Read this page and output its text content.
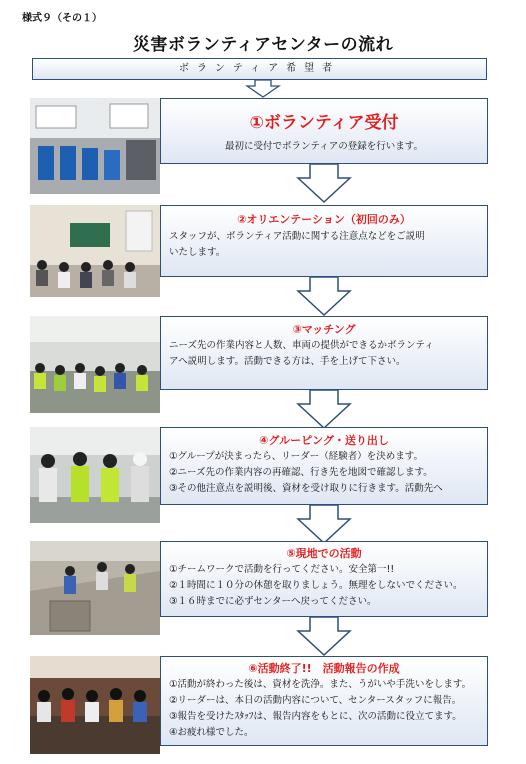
様式９（その１）
災害ボランティアセンターの流れ
ボランティア希望者
①ボランティア受付
最初に受付でボランティアの登録を行います。
②オリエンテーション（初回のみ）
スタッフが、ボランティア活動に関する注意点などをご説明
いたします。
③マッチング
ニーズ先の作業内容と人数、車両の提供ができるかボランティ
アへ説明します。活動できる方は、手を上げて下さい。
④グルーピング・送り出し
①グループが決まったら、リーダー（経験者）を決めます。
②ニーズ先の作業内容の再確認、行き先を地図で確認します。
③その他注意点を説明後、資材を受け取りに行きます。活動先へ
⑤現地での活動
①チームワークで活動を行ってください。安全第一!!
②１時間に１０分の休憩を取りましょう。無理をしないでください。
③１６時までに必ずセンターへ戻ってください。
⑥活動終了!!　活動報告の作成
①活動が終わった後は、資材を洗浄。また、うがいや手洗いをします。
②リーダーは、本日の活動内容について、センタースタッフに報告。
③報告を受けたｽﾀｯﾌは、報告内容をもとに、次の活動に役立てます。
④お疲れ様でした。
